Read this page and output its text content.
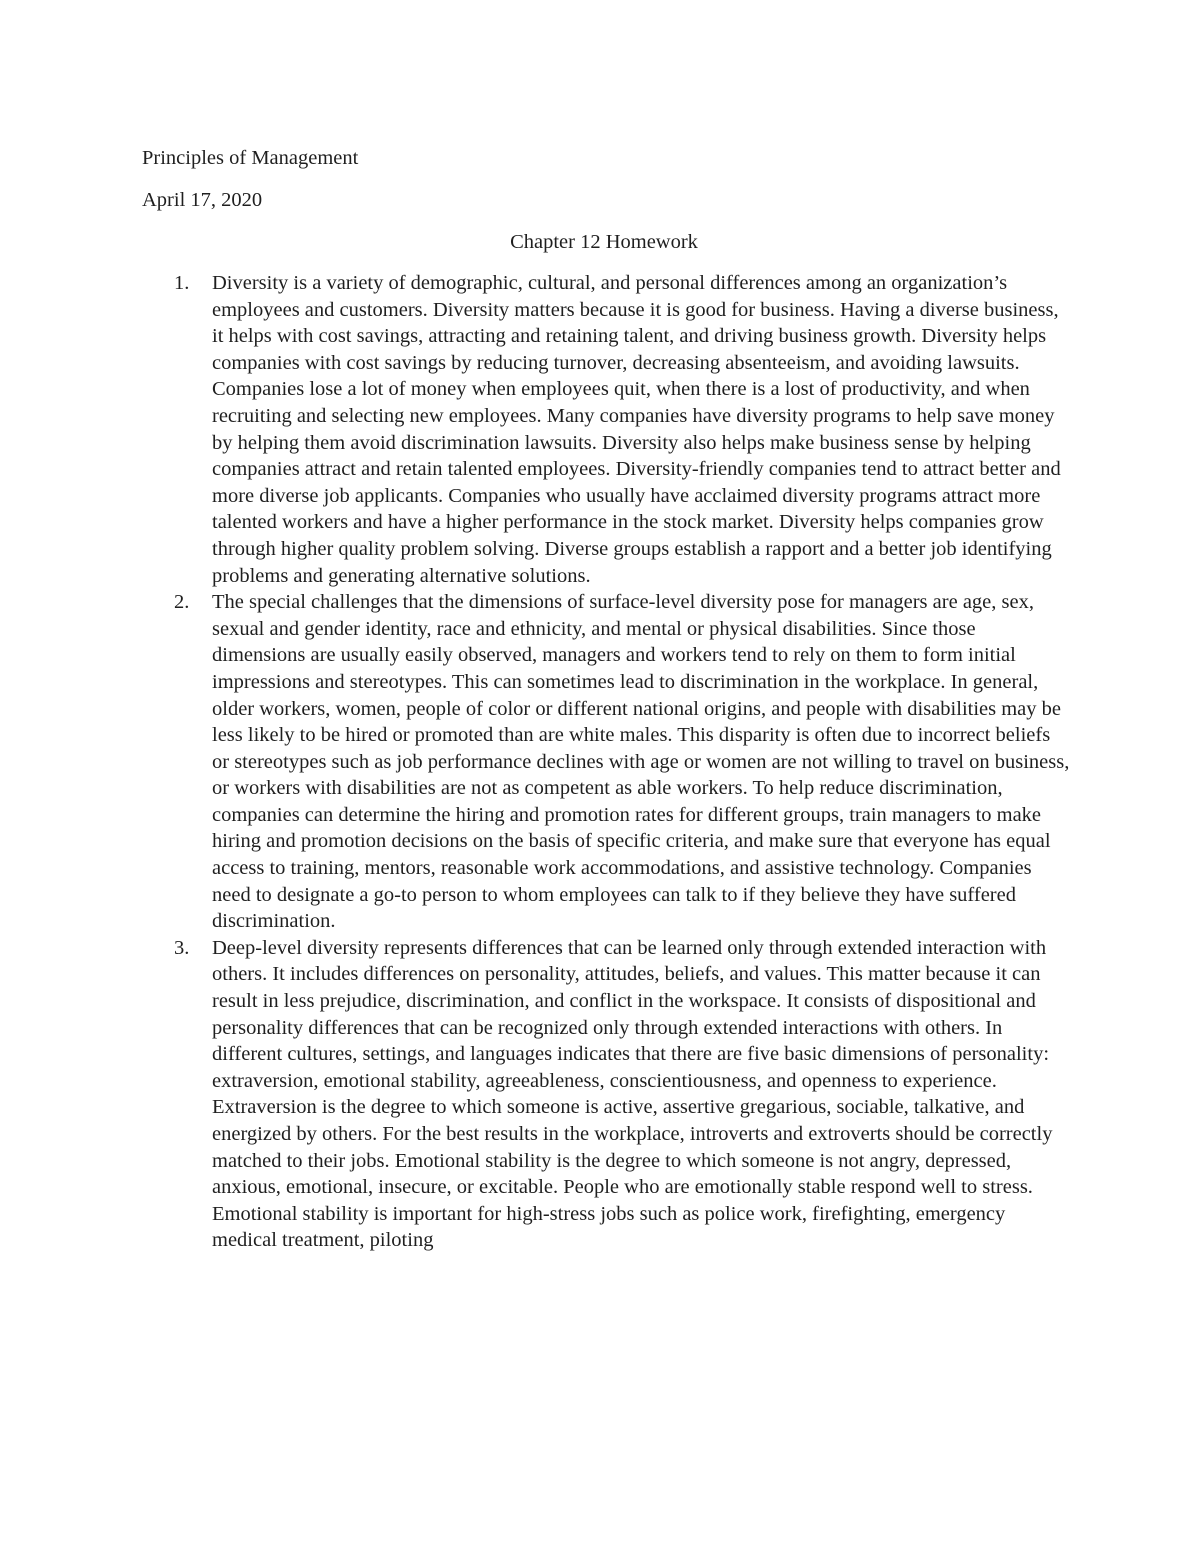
Principles of Management
April 17, 2020
Chapter 12 Homework
1.	Diversity is a variety of demographic, cultural, and personal differences among an organization’s employees and customers. Diversity matters because it is good for business. Having a diverse business, it helps with cost savings, attracting and retaining talent, and driving business growth. Diversity helps companies with cost savings by reducing turnover, decreasing absenteeism, and avoiding lawsuits. Companies lose a lot of money when employees quit, when there is a lost of productivity, and when recruiting and selecting new employees. Many companies have diversity programs to help save money by helping them avoid discrimination lawsuits. Diversity also helps make business sense by helping companies attract and retain talented employees. Diversity-friendly companies tend to attract better and more diverse job applicants. Companies who usually have acclaimed diversity programs attract more talented workers and have a higher performance in the stock market. Diversity helps companies grow through higher quality problem solving. Diverse groups establish a rapport and a better job identifying problems and generating alternative solutions.
2.	The special challenges that the dimensions of surface-level diversity pose for managers are age, sex, sexual and gender identity, race and ethnicity, and mental or physical disabilities. Since those dimensions are usually easily observed, managers and workers tend to rely on them to form initial impressions and stereotypes. This can sometimes lead to discrimination in the workplace. In general, older workers, women, people of color or different national origins, and people with disabilities may be less likely to be hired or promoted than are white males. This disparity is often due to incorrect beliefs or stereotypes such as job performance declines with age or women are not willing to travel on business, or workers with disabilities are not as competent as able workers. To help reduce discrimination, companies can determine the hiring and promotion rates for different groups, train managers to make hiring and promotion decisions on the basis of specific criteria, and make sure that everyone has equal access to training, mentors, reasonable work accommodations, and assistive technology. Companies need to designate a go-to person to whom employees can talk to if they believe they have suffered discrimination.
3.	Deep-level diversity represents differences that can be learned only through extended interaction with others. It includes differences on personality, attitudes, beliefs, and values. This matter because it can result in less prejudice, discrimination, and conflict in the workspace. It consists of dispositional and personality differences that can be recognized only through extended interactions with others. In different cultures, settings, and languages indicates that there are five basic dimensions of personality: extraversion, emotional stability, agreeableness, conscientiousness, and openness to experience. Extraversion is the degree to which someone is active, assertive gregarious, sociable, talkative, and energized by others. For the best results in the workplace, introverts and extroverts should be correctly matched to their jobs. Emotional stability is the degree to which someone is not angry, depressed, anxious, emotional, insecure, or excitable. People who are emotionally stable respond well to stress. Emotional stability is important for high-stress jobs such as police work, firefighting, emergency medical treatment, piloting
